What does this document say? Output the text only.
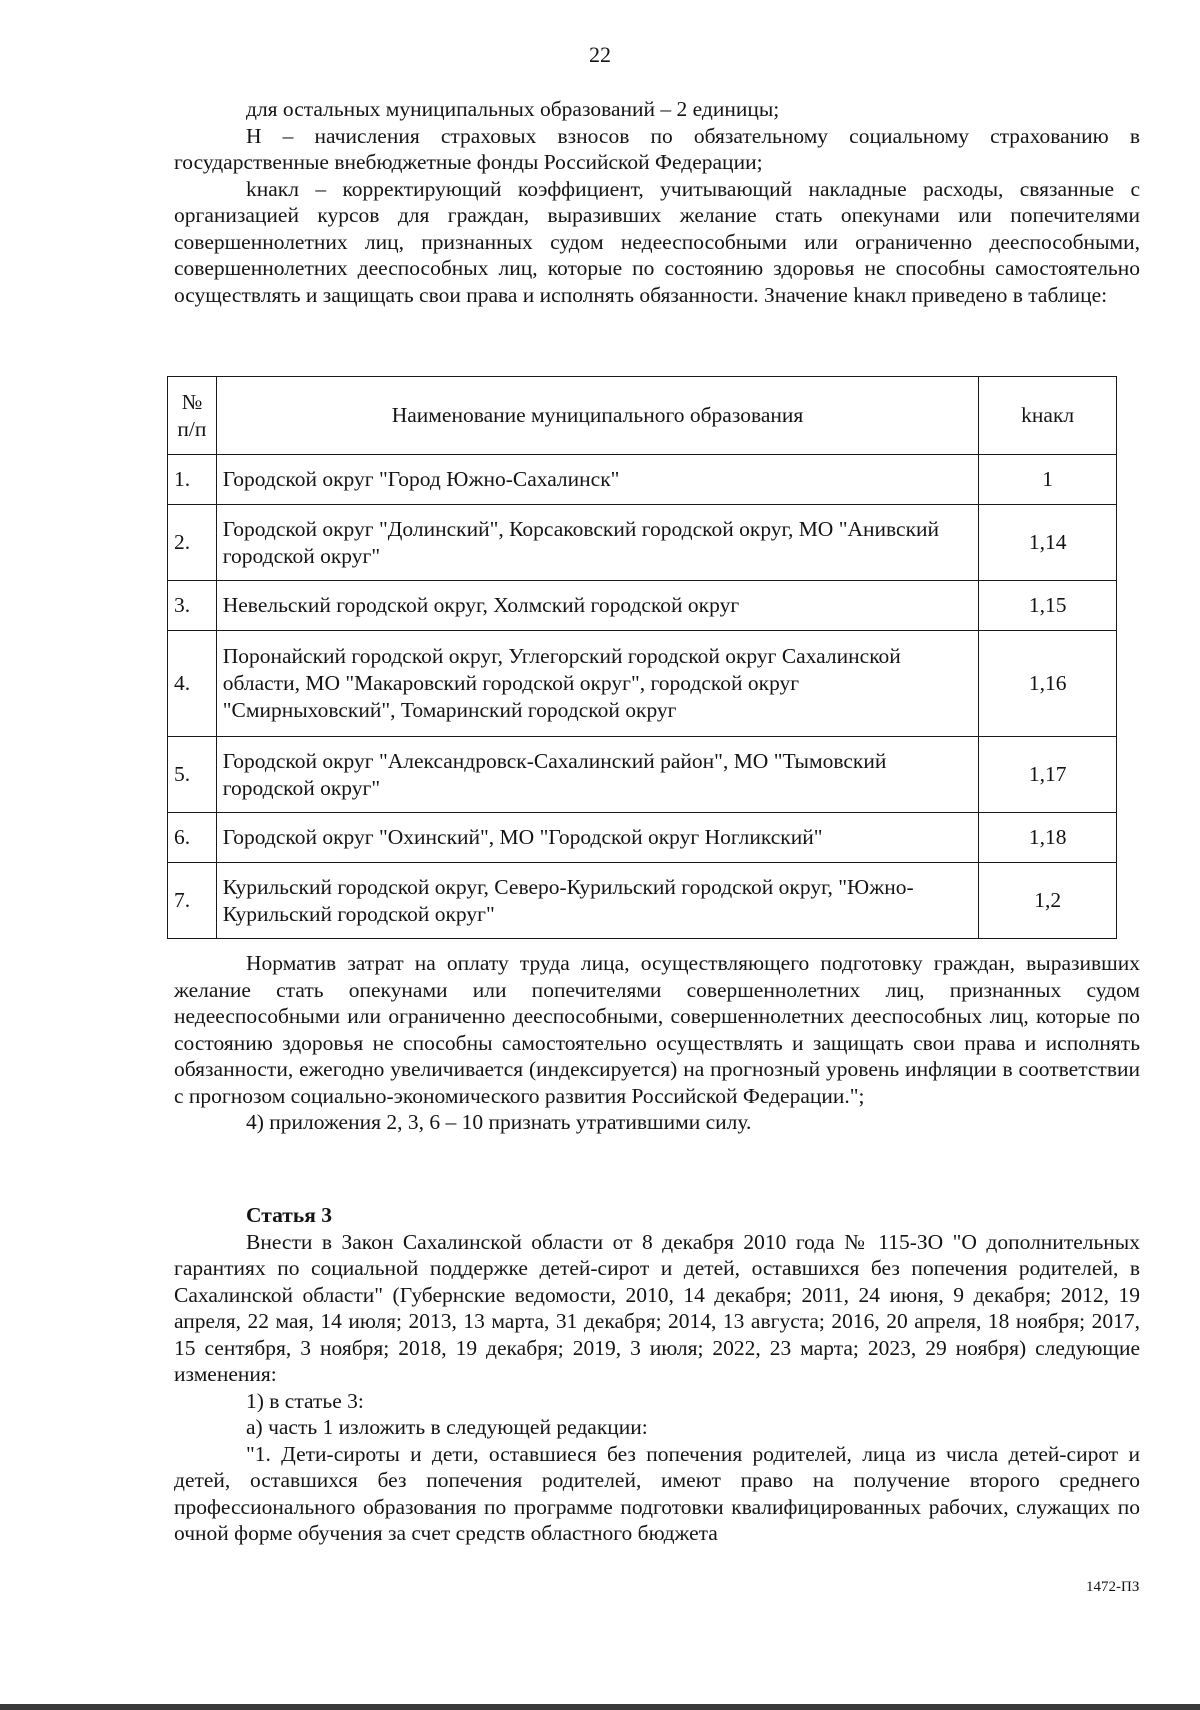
22

для остальных муниципальных образований – 2 единицы;

Н – начисления страховых взносов по обязательному социальному страхованию в государственные внебюджетные фонды Российской Федерации;

kнакл – корректирующий коэффициент, учитывающий накладные расходы, связанные с организацией курсов для граждан, выразивших желание стать опекунами или попечителями совершеннолетних лиц, признанных судом недееспособными или ограниченно дееспособными, совершеннолетних дееспособных лиц, которые по состоянию здоровья не способны самостоятельно осуществлять и защищать свои права и исполнять обязанности. Значение kнакл приведено в таблице:

№ п/п	Наименование муниципального образования	kнакл
1.	Городской округ "Город Южно-Сахалинск"	1
2.	Городской округ "Долинский", Корсаковский городской округ, МО "Анивский городской округ"	1,14
3.	Невельский городской округ, Холмский городской округ	1,15
4.	Поронайский городской округ, Углегорский городской округ Сахалинской области, МО "Макаровский городской округ", городской округ "Смирныховский", Томаринский городской округ	1,16
5.	Городской округ "Александровск-Сахалинский район", МО "Тымовский городской округ"	1,17
6.	Городской округ "Охинский", МО "Городской округ Ногликский"	1,18
7.	Курильский городской округ, Северо-Курильский городской округ, "Южно-Курильский городской округ"	1,2

Норматив затрат на оплату труда лица, осуществляющего подготовку граждан, выразивших желание стать опекунами или попечителями совершеннолетних лиц, признанных судом недееспособными или ограниченно дееспособными, совершеннолетних дееспособных лиц, которые по состоянию здоровья не способны самостоятельно осуществлять и защищать свои права и исполнять обязанности, ежегодно увеличивается (индексируется) на прогнозный уровень инфляции в соответствии с прогнозом социально-экономического развития Российской Федерации.";

4) приложения 2, 3, 6 – 10 признать утратившими силу.

Статья 3

Внести в Закон Сахалинской области от 8 декабря 2010 года № 115-ЗО "О дополнительных гарантиях по социальной поддержке детей-сирот и детей, оставшихся без попечения родителей, в Сахалинской области" (Губернские ведомости, 2010, 14 декабря; 2011, 24 июня, 9 декабря; 2012, 19 апреля, 22 мая, 14 июля; 2013, 13 марта, 31 декабря; 2014, 13 августа; 2016, 20 апреля, 18 ноября; 2017, 15 сентября, 3 ноября; 2018, 19 декабря; 2019, 3 июля; 2022, 23 марта; 2023, 29 ноября) следующие изменения:

1) в статье 3:

а) часть 1 изложить в следующей редакции:

"1. Дети-сироты и дети, оставшиеся без попечения родителей, лица из числа детей-сирот и детей, оставшихся без попечения родителей, имеют право на получение второго среднего профессионального образования по программе подготовки квалифицированных рабочих, служащих по очной форме обучения за счет средств областного бюджета

1472-ПЗ
